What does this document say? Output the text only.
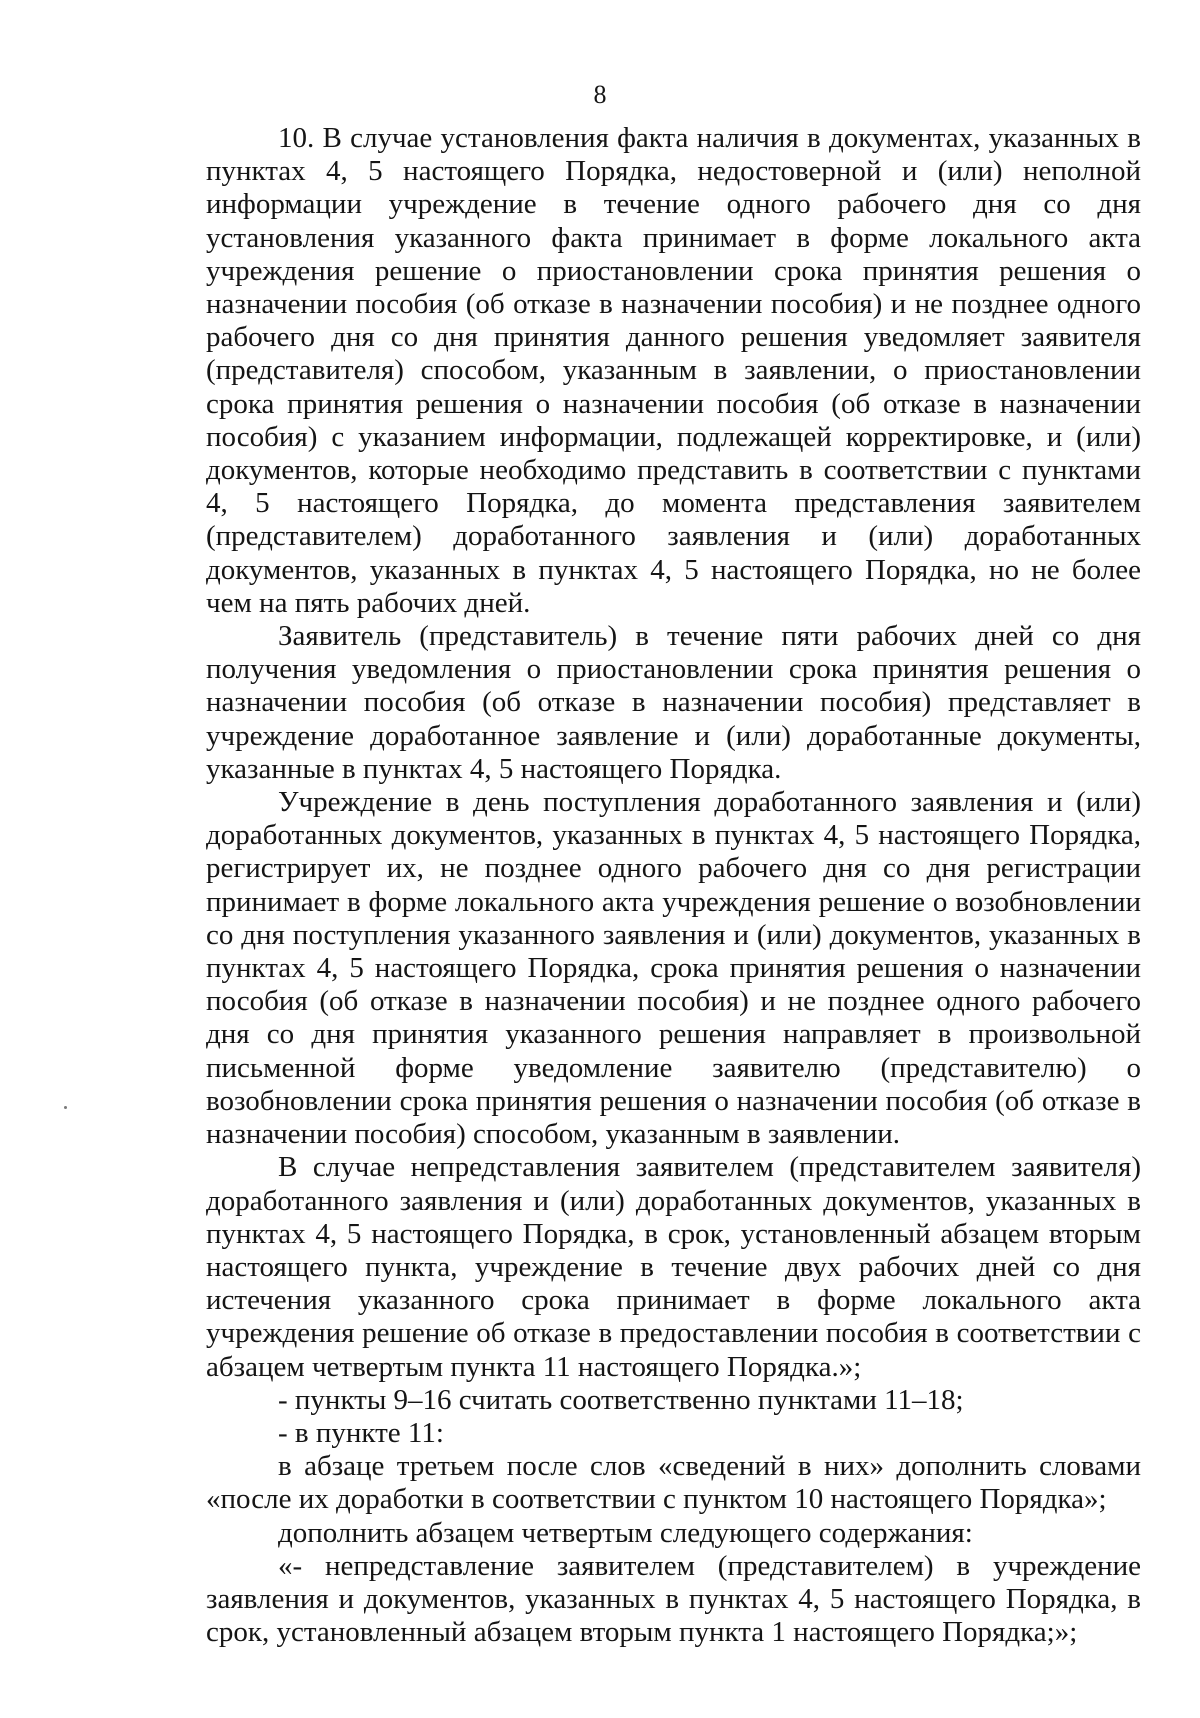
8

10. В случае установления факта наличия в документах, указанных в пунктах 4, 5 настоящего Порядка, недостоверной и (или) неполной информации учреждение в течение одного рабочего дня со дня установления указанного факта принимает в форме локального акта учреждения решение о приостановлении срока принятия решения о назначении пособия (об отказе в назначении пособия) и не позднее одного рабочего дня со дня принятия данного решения уведомляет заявителя (представителя) способом, указанным в заявлении, о приостановлении срока принятия решения о назначении пособия (об отказе в назначении пособия) с указанием информации, подлежащей корректировке, и (или) документов, которые необходимо представить в соответствии с пунктами 4, 5 настоящего Порядка, до момента представления заявителем (представителем) доработанного заявления и (или) доработанных документов, указанных в пунктах 4, 5 настоящего Порядка, но не более чем на пять рабочих дней.

Заявитель (представитель) в течение пяти рабочих дней со дня получения уведомления о приостановлении срока принятия решения о назначении пособия (об отказе в назначении пособия) представляет в учреждение доработанное заявление и (или) доработанные документы, указанные в пунктах 4, 5 настоящего Порядка.

Учреждение в день поступления доработанного заявления и (или) доработанных документов, указанных в пунктах 4, 5 настоящего Порядка, регистрирует их, не позднее одного рабочего дня со дня регистрации принимает в форме локального акта учреждения решение о возобновлении со дня поступления указанного заявления и (или) документов, указанных в пунктах 4, 5 настоящего Порядка, срока принятия решения о назначении пособия (об отказе в назначении пособия) и не позднее одного рабочего дня со дня принятия указанного решения направляет в произвольной письменной форме уведомление заявителю (представителю) о возобновлении срока принятия решения о назначении пособия (об отказе в назначении пособия) способом, указанным в заявлении.

В случае непредставления заявителем (представителем заявителя) доработанного заявления и (или) доработанных документов, указанных в пунктах 4, 5 настоящего Порядка, в срок, установленный абзацем вторым настоящего пункта, учреждение в течение двух рабочих дней со дня истечения указанного срока принимает в форме локального акта учреждения решение об отказе в предоставлении пособия в соответствии с абзацем четвертым пункта 11 настоящего Порядка.»;

- пункты 9–16 считать соответственно пунктами 11–18;

- в пункте 11:

в абзаце третьем после слов «сведений в них» дополнить словами «после их доработки в соответствии с пунктом 10 настоящего Порядка»;

дополнить абзацем четвертым следующего содержания:

«- непредставление заявителем (представителем) в учреждение заявления и документов, указанных в пунктах 4, 5 настоящего Порядка, в срок, установленный абзацем вторым пункта 1 настоящего Порядка;»;
